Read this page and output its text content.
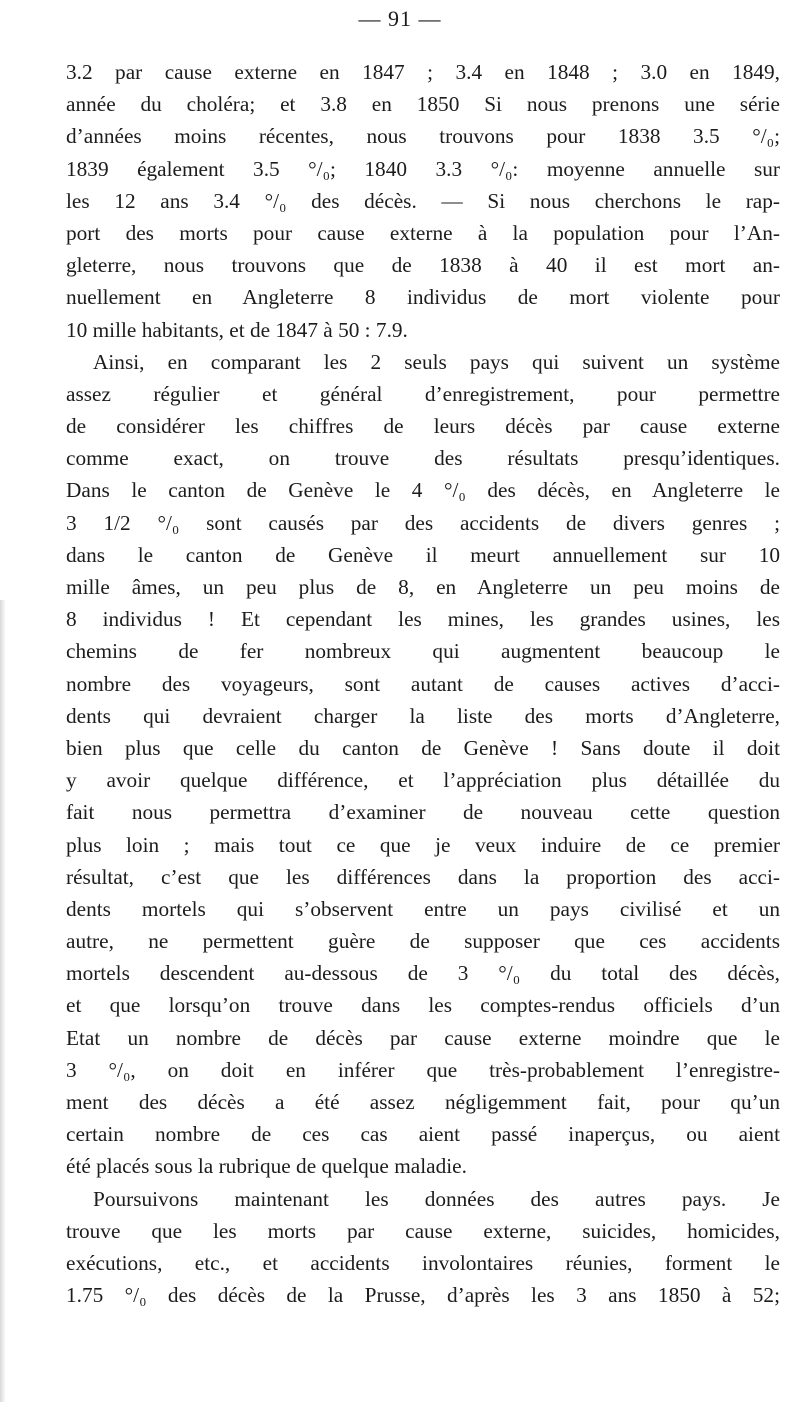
— 91 —
3.2 par cause externe en 1847 ; 3.4 en 1848 ; 3.0 en 1849,
année du choléra; et 3.8 en 1850 Si nous prenons une série
d’années moins récentes, nous trouvons pour 1838 3.5 °/₀;
1839 également 3.5 °/₀; 1840 3.3 °/₀: moyenne annuelle sur
les 12 ans 3.4 °/₀ des décès. — Si nous cherchons le rap-
port des morts pour cause externe à la population pour l’An-
gleterre, nous trouvons que de 1838 à 40 il est mort an-
nuellement en Angleterre 8 individus de mort violente pour
10 mille habitants, et de 1847 à 50 : 7.9.
Ainsi, en comparant les 2 seuls pays qui suivent un système
assez régulier et général d’enregistrement, pour permettre
de considérer les chiffres de leurs décès par cause externe
comme exact, on trouve des résultats presqu’identiques.
Dans le canton de Genève le 4 °/₀ des décès, en Angleterre le
3 1/2 °/₀ sont causés par des accidents de divers genres ;
dans le canton de Genève il meurt annuellement sur 10
mille âmes, un peu plus de 8, en Angleterre un peu moins de
8 individus ! Et cependant les mines, les grandes usines, les
chemins de fer nombreux qui augmentent beaucoup le
nombre des voyageurs, sont autant de causes actives d’acci-
dents qui devraient charger la liste des morts d’Angleterre,
bien plus que celle du canton de Genève ! Sans doute il doit
y avoir quelque différence, et l’appréciation plus détaillée du
fait nous permettra d’examiner de nouveau cette question
plus loin ; mais tout ce que je veux induire de ce premier
résultat, c’est que les différences dans la proportion des acci-
dents mortels qui s’observent entre un pays civilisé et un
autre, ne permettent guère de supposer que ces accidents
mortels descendent au-dessous de 3 °/₀ du total des décès,
et que lorsqu’on trouve dans les comptes-rendus officiels d’un
Etat un nombre de décès par cause externe moindre que le
3 °/₀, on doit en inférer que très-probablement l’enregistre-
ment des décès a été assez négligemment fait, pour qu’un
certain nombre de ces cas aient passé inaperçus, ou aient
été placés sous la rubrique de quelque maladie.
Poursuivons maintenant les données des autres pays. Je
trouve que les morts par cause externe, suicides, homicides,
exécutions, etc., et accidents involontaires réunies, forment le
1.75 °/₀ des décès de la Prusse, d’après les 3 ans 1850 à 52;
